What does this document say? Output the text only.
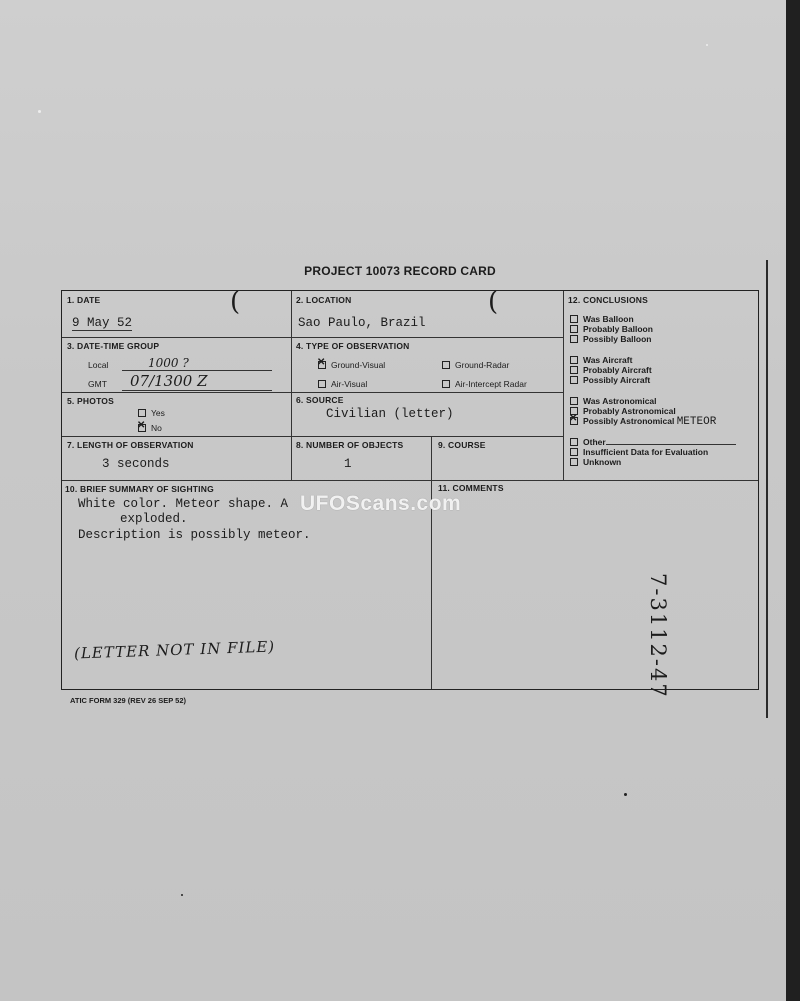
PROJECT 10073 RECORD CARD
1. DATE
9 May 52
(	2. LOCATION
Sao Paulo, Brazil
(
3. DATE-TIME GROUP
Local	1000 ?
GMT	07/1300 Z
4. TYPE OF OBSERVATION
✕Ground-Visual	Ground-Radar
Air-Visual	Air-Intercept Radar
5. PHOTOS
Yes
✕No
6. SOURCE
Civilian (letter)
7. LENGTH OF OBSERVATION
3 seconds
8. NUMBER OF OBJECTS
1
9. COURSE
12. CONCLUSIONS
Was Balloon
Probably Balloon
Possibly Balloon
Was Aircraft
Probably Aircraft
Possibly Aircraft
Was Astronomical
Probably Astronomical
✕Possibly Astronomical METEOR
Other
Insufficient Data for Evaluation
Unknown
10. BRIEF SUMMARY OF SIGHTING
White color. Meteor shape. A
exploded.
Description is possibly meteor.
(LETTER NOT IN FILE)
11. COMMENTS
7-3112-47
UFOScans.com
ATIC FORM 329 (REV 26 SEP 52)
